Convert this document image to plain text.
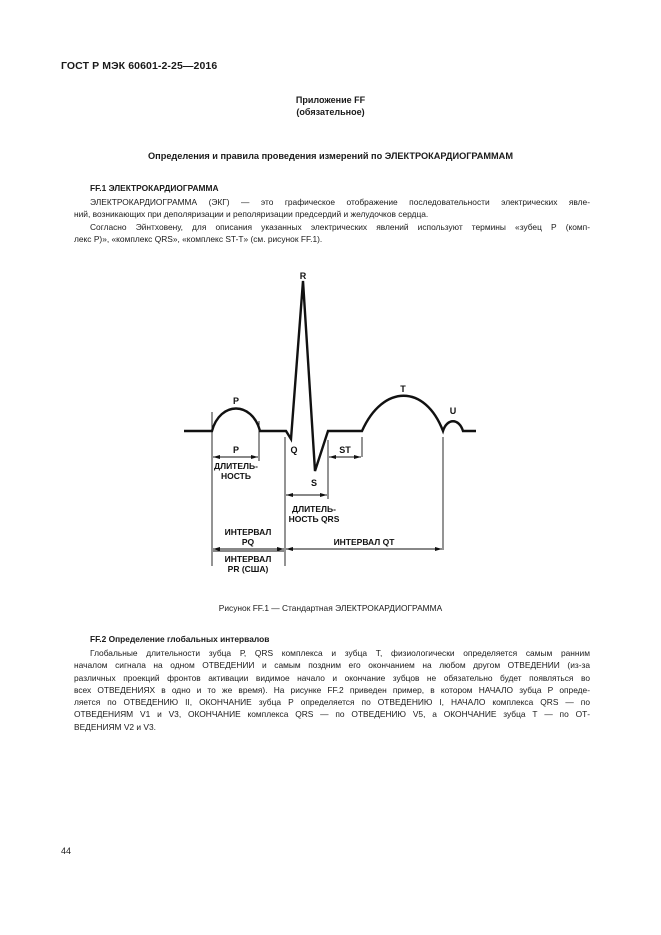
ГОСТ Р МЭК 60601-2-25—2016
Приложение FF
(обязательное)
Определения и правила проведения измерений по ЭЛЕКТРОКАРДИОГРАММАМ
FF.1 ЭЛЕКТРОКАРДИОГРАММА
ЭЛЕКТРОКАРДИОГРАММА (ЭКГ) — это графическое отображение последовательности электрических явле-
ний, возникающих при деполяризации и реполяризации предсердий и желудочков сердца.
Согласно Эйнтховену, для описания указанных электрических явлений используют термины «зубец Р (комп-
лекс Р)», «комплекс QRS», «комплекс ST-T» (см. рисунок FF.1).
R
P
T
U
Q
S
P	ST
ДЛИТЕЛЬ-
НОСТЬ
ДЛИТЕЛЬ-
НОСТЬ QRS
ИНТЕРВАЛ
PQ
ИНТЕРВАЛ
PR (США)
ИНТЕРВАЛ QT
Рисунок FF.1 — Стандартная ЭЛЕКТРОКАРДИОГРАММА
FF.2 Определение глобальных интервалов
Глобальные длительности зубца Р, QRS комплекса и зубца Т, физиологически определяется самым ранним
началом сигнала на одном ОТВЕДЕНИИ и самым поздним его окончанием на любом другом ОТВЕДЕНИИ (из-за
различных проекций фронтов активации видимое начало и окончание зубцов не обязательно будет появляться во
всех ОТВЕДЕНИЯХ в одно и то же время). На рисунке FF.2 приведен пример, в котором НАЧАЛО зубца Р опреде-
ляется по ОТВЕДЕНИЮ II, ОКОНЧАНИЕ зубца Р определяется по ОТВЕДЕНИЮ I, НАЧАЛО комплекса QRS — по
ОТВЕДЕНИЯМ V1 и V3, ОКОНЧАНИЕ комплекса QRS — по ОТВЕДЕНИЮ V5, а ОКОНЧАНИЕ зубца Т — по ОТ-
ВЕДЕНИЯМ V2 и V3.
44
